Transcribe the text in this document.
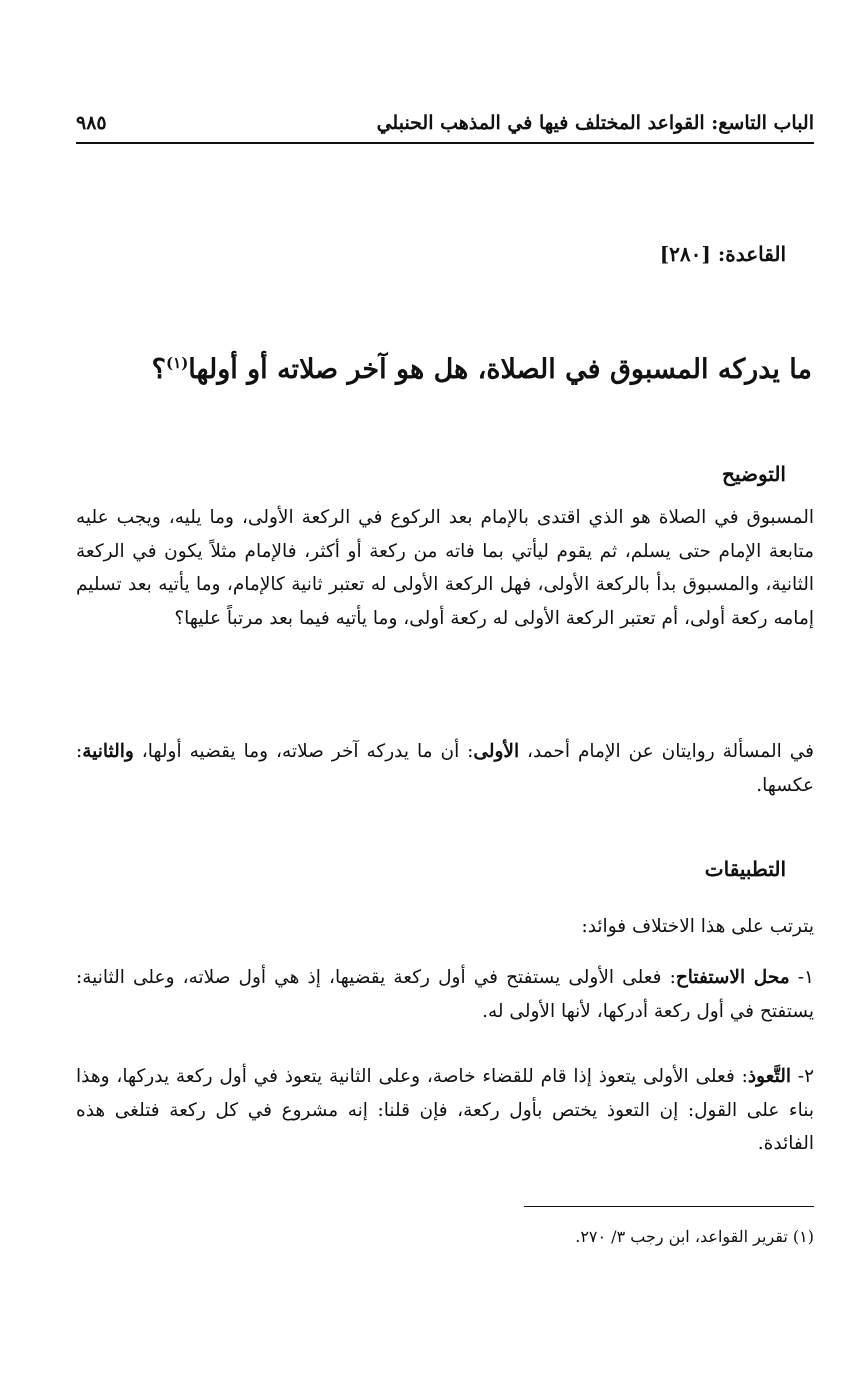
الباب التاسع: القواعد المختلف فيها في المذهب الحنبلي
٩٨٥
القاعدة: [٢٨٠]
ما يدركه المسبوق في الصلاة، هل هو آخر صلاته أو أولها$^{(١)}$؟
التوضيح

المسبوق في الصلاة هو الذي اقتدى بالإمام بعد الركوع في الركعة الأولى، وما يليه، ويجب عليه متابعة الإمام حتى يسلم، ثم يقوم ليأتي بما فاته من ركعة أو أكثر، فالإمام مثلاً يكون في الركعة الثانية، والمسبوق بدأ بالركعة الأولى، فهل الركعة الأولى له تعتبر ثانية كالإمام، وما يأتيه بعد تسليم إمامه ركعة أولى، أم تعتبر الركعة الأولى له ركعة أولى، وما يأتيه فيما بعد مرتباً عليها؟

في المسألة روايتان عن الإمام أحمد، الأولى: أن ما يدركه آخر صلاته، وما يقضيه أولها، والثانية: عكسها.

التطبيقات

يترتب على هذا الاختلاف فوائد:

١- محل الاستفتاح: فعلى الأولى يستفتح في أول ركعة يقضيها، إذ هي أول صلاته، وعلى الثانية: يستفتح في أول ركعة أدركها، لأنها الأولى له.

٢- التَّعوذ: فعلى الأولى يتعوذ إذا قام للقضاء خاصة، وعلى الثانية يتعوذ في أول ركعة يدركها، وهذا بناء على القول: إن التعوذ يختص بأول ركعة، فإن قلنا: إنه مشروع في كل ركعة فتلغى هذه الفائدة.

(١) تقرير القواعد، ابن رجب ٣/ ٢٧٠.
